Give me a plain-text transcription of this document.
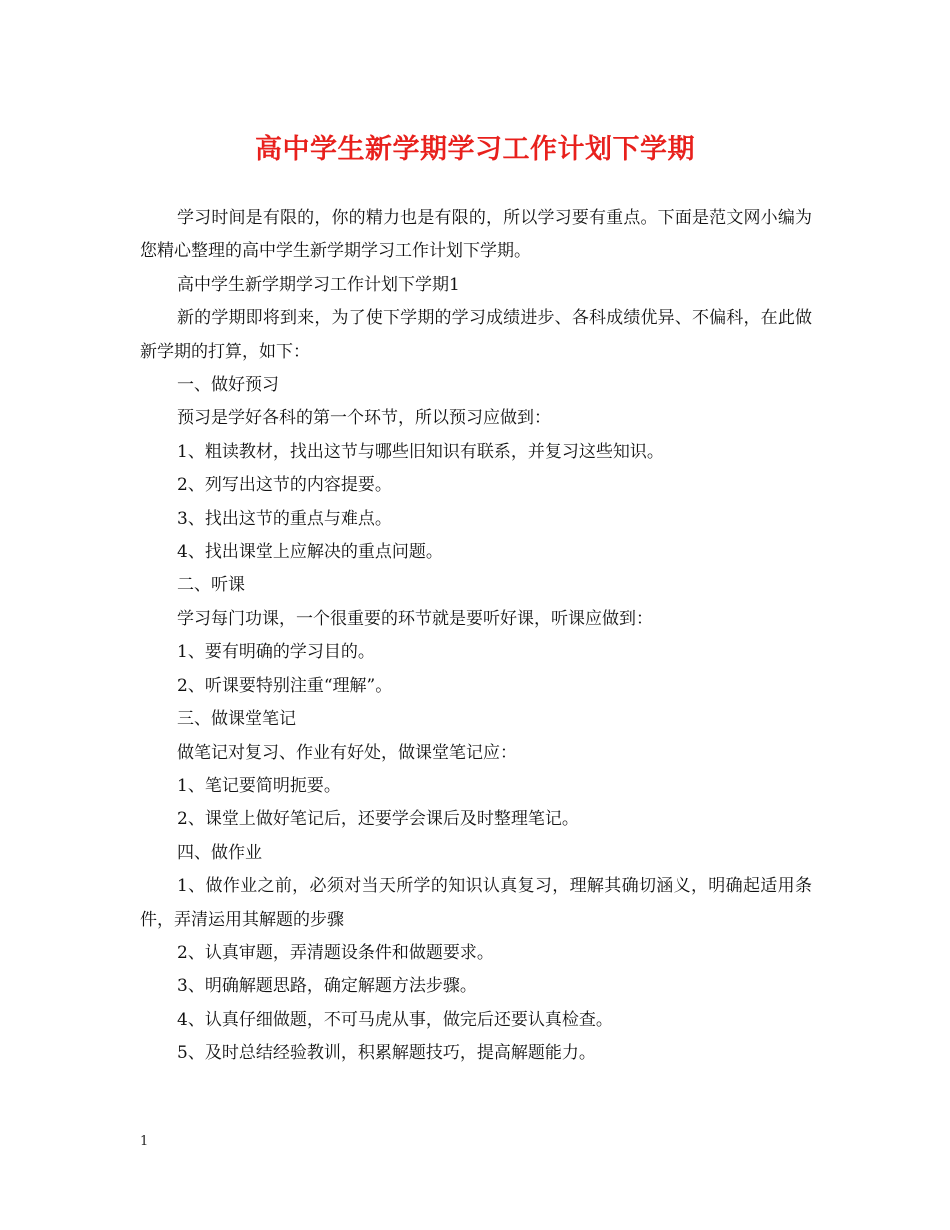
高中学生新学期学习工作计划下学期

学习时间是有限的，你的精力也是有限的，所以学习要有重点。下面是范文网小编为您精心整理的高中学生新学期学习工作计划下学期。

高中学生新学期学习工作计划下学期1

新的学期即将到来，为了使下学期的学习成绩进步、各科成绩优异、不偏科，在此做新学期的打算，如下：

一、做好预习

预习是学好各科的第一个环节，所以预习应做到：

1、粗读教材，找出这节与哪些旧知识有联系，并复习这些知识。

2、列写出这节的内容提要。

3、找出这节的重点与难点。

4、找出课堂上应解决的重点问题。

二、听课

学习每门功课，一个很重要的环节就是要听好课，听课应做到：

1、要有明确的学习目的。

2、听课要特别注重“理解”。

三、做课堂笔记

做笔记对复习、作业有好处，做课堂笔记应：

1、笔记要简明扼要。

2、课堂上做好笔记后，还要学会课后及时整理笔记。

四、做作业

1、做作业之前，必须对当天所学的知识认真复习，理解其确切涵义，明确起适用条件，弄清运用其解题的步骤

2、认真审题，弄清题设条件和做题要求。

3、明确解题思路，确定解题方法步骤。

4、认真仔细做题，不可马虎从事，做完后还要认真检查。

5、及时总结经验教训，积累解题技巧，提高解题能力。

1
